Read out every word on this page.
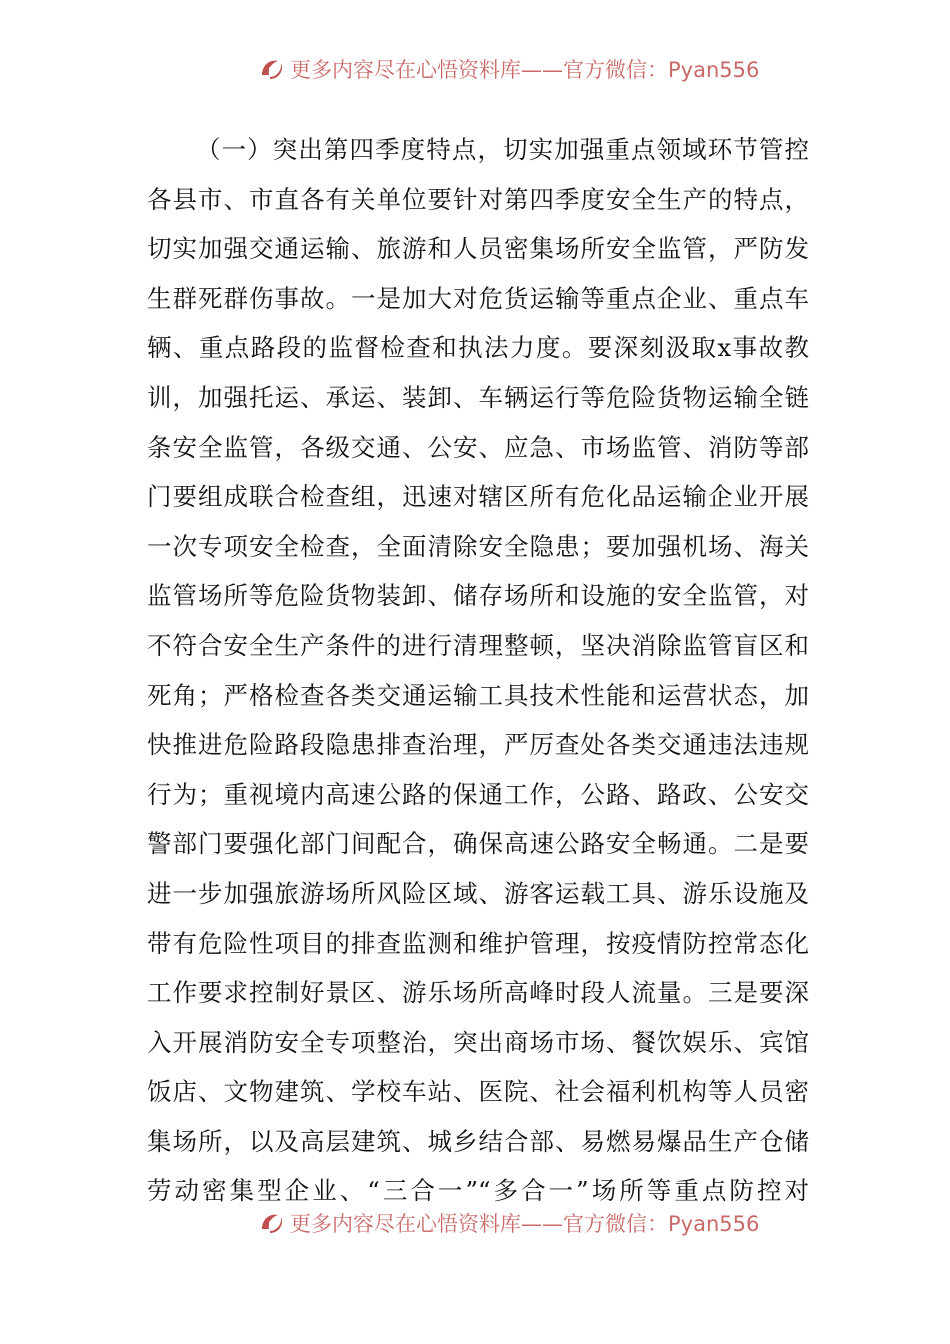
更多内容尽在心悟资料库——官方微信：Pyan556
（一）突出第四季度特点，切实加强重点领域环节管控
各县市、市直各有关单位要针对第四季度安全生产的特点，
切实加强交通运输、旅游和人员密集场所安全监管，严防发
生群死群伤事故。一是加大对危货运输等重点企业、重点车
辆、重点路段的监督检查和执法力度。要深刻汲取x事故教
训，加强托运、承运、装卸、车辆运行等危险货物运输全链
条安全监管，各级交通、公安、应急、市场监管、消防等部
门要组成联合检查组，迅速对辖区所有危化品运输企业开展
一次专项安全检查，全面清除安全隐患；要加强机场、海关
监管场所等危险货物装卸、储存场所和设施的安全监管，对
不符合安全生产条件的进行清理整顿，坚决消除监管盲区和
死角；严格检查各类交通运输工具技术性能和运营状态，加
快推进危险路段隐患排查治理，严厉查处各类交通违法违规
行为；重视境内高速公路的保通工作，公路、路政、公安交
警部门要强化部门间配合，确保高速公路安全畅通。二是要
进一步加强旅游场所风险区域、游客运载工具、游乐设施及
带有危险性项目的排查监测和维护管理，按疫情防控常态化
工作要求控制好景区、游乐场所高峰时段人流量。三是要深
入开展消防安全专项整治，突出商场市场、餐饮娱乐、宾馆
饭店、文物建筑、学校车站、医院、社会福利机构等人员密
集场所，以及高层建筑、城乡结合部、易燃易爆品生产仓储
劳动密集型企业、“三合一”“多合一”场所等重点防控对
更多内容尽在心悟资料库——官方微信：Pyan556
